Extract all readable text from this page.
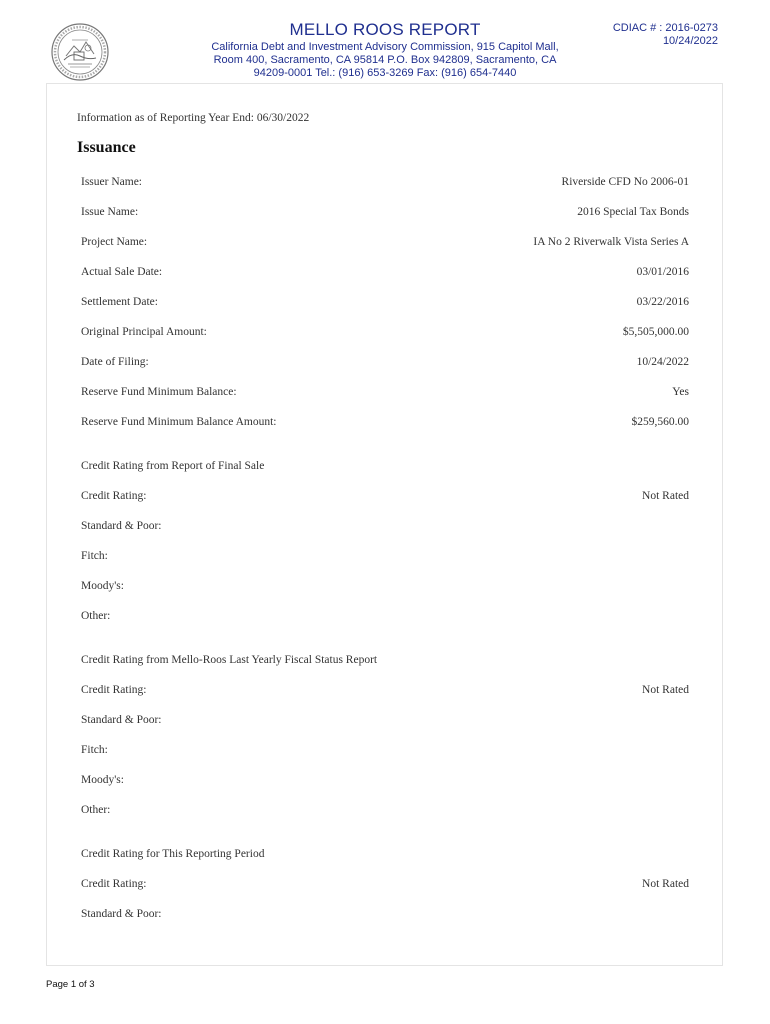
MELLO ROOS REPORT
California Debt and Investment Advisory Commission, 915 Capitol Mall,
Room 400, Sacramento, CA 95814 P.O. Box 942809, Sacramento, CA
94209-0001 Tel.: (916) 653-3269 Fax: (916) 654-7440
CDIAC # : 2016-0273
10/24/2022
Information as of Reporting Year End: 06/30/2022
Issuance
Issuer Name:	Riverside CFD No 2006-01
Issue Name:	2016 Special Tax Bonds
Project Name:	IA No 2 Riverwalk Vista Series A
Actual Sale Date:	03/01/2016
Settlement Date:	03/22/2016
Original Principal Amount:	$5,505,000.00
Date of Filing:	10/24/2022
Reserve Fund Minimum Balance:	Yes
Reserve Fund Minimum Balance Amount:	$259,560.00
Credit Rating from Report of Final Sale
Credit Rating:	Not Rated
Standard & Poor:
Fitch:
Moody's:
Other:
Credit Rating from Mello-Roos Last Yearly Fiscal Status Report
Credit Rating:	Not Rated
Standard & Poor:
Fitch:
Moody's:
Other:
Credit Rating for This Reporting Period
Credit Rating:	Not Rated
Standard & Poor:
Page 1 of 3
